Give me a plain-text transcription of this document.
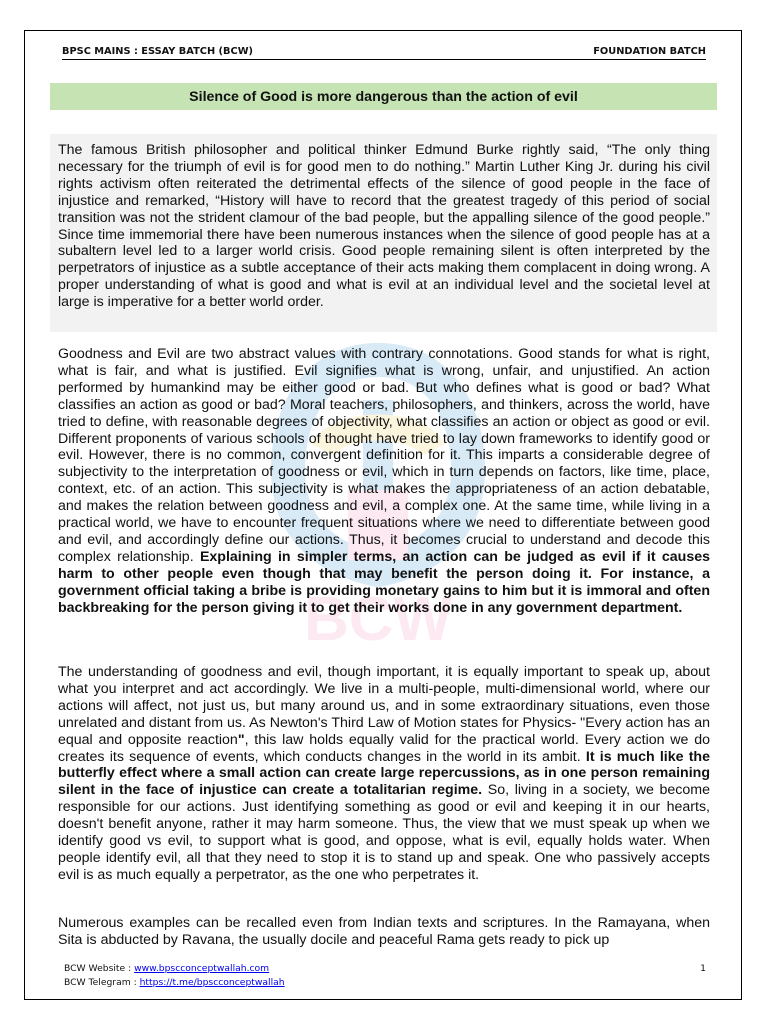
BPSC MAINS : ESSAY BATCH (BCW)	FOUNDATION BATCH
Silence of Good is more dangerous than the action of evil
BCW

The famous British philosopher and political thinker Edmund Burke rightly said, “The only thing necessary for the triumph of evil is for good men to do nothing.” Martin Luther King Jr. during his civil rights activism often reiterated the detrimental effects of the silence of good people in the face of injustice and remarked, “History will have to record that the greatest tragedy of this period of social transition was not the strident clamour of the bad people, but the appalling silence of the good people.” Since time immemorial there have been numerous instances when the silence of good people has at a subaltern level led to a larger world crisis. Good people remaining silent is often interpreted by the perpetrators of injustice as a subtle acceptance of their acts making them complacent in doing wrong. A proper understanding of what is good and what is evil at an individual level and the societal level at large is imperative for a better world order.

Goodness and Evil are two abstract values with contrary connotations. Good stands for what is right, what is fair, and what is justified. Evil signifies what is wrong, unfair, and unjustified. An action performed by humankind may be either good or bad. But who defines what is good or bad? What classifies an action as good or bad? Moral teachers, philosophers, and thinkers, across the world, have tried to define, with reasonable degrees of objectivity, what classifies an action or object as good or evil. Different proponents of various schools of thought have tried to lay down frameworks to identify good or evil. However, there is no common, convergent definition for it. This imparts a considerable degree of subjectivity to the interpretation of goodness or evil, which in turn depends on factors, like time, place, context, etc. of an action. This subjectivity is what makes the appropriateness of an action debatable, and makes the relation between goodness and evil, a complex one. At the same time, while living in a practical world, we have to encounter frequent situations where we need to differentiate between good and evil, and accordingly define our actions. Thus, it becomes crucial to understand and decode this complex relationship. Explaining in simpler terms, an action can be judged as evil if it causes harm to other people even though that may benefit the person doing it. For instance, a government official taking a bribe is providing monetary gains to him but it is immoral and often backbreaking for the person giving it to get their works done in any government department.

The understanding of goodness and evil, though important, it is equally important to speak up, about what you interpret and act accordingly. We live in a multi-people, multi-dimensional world, where our actions will affect, not just us, but many around us, and in some extraordinary situations, even those unrelated and distant from us. As Newton's Third Law of Motion states for Physics- "Every action has an equal and opposite reaction", this law holds equally valid for the practical world. Every action we do creates its sequence of events, which conducts changes in the world in its ambit. It is much like the butterfly effect where a small action can create large repercussions, as in one person remaining silent in the face of injustice can create a totalitarian regime. So, living in a society, we become responsible for our actions. Just identifying something as good or evil and keeping it in our hearts, doesn't benefit anyone, rather it may harm someone. Thus, the view that we must speak up when we identify good vs evil, to support what is good, and oppose, what is evil, equally holds water. When people identify evil, all that they need to stop it is to stand up and speak. One who passively accepts evil is as much equally a perpetrator, as the one who perpetrates it.

Numerous examples can be recalled even from Indian texts and scriptures. In the Ramayana, when Sita is abducted by Ravana, the usually docile and peaceful Rama gets ready to pick up

BCW Website : www.bpscconceptwallah.com
BCW Telegram : https://t.me/bpscconceptwallah
1
